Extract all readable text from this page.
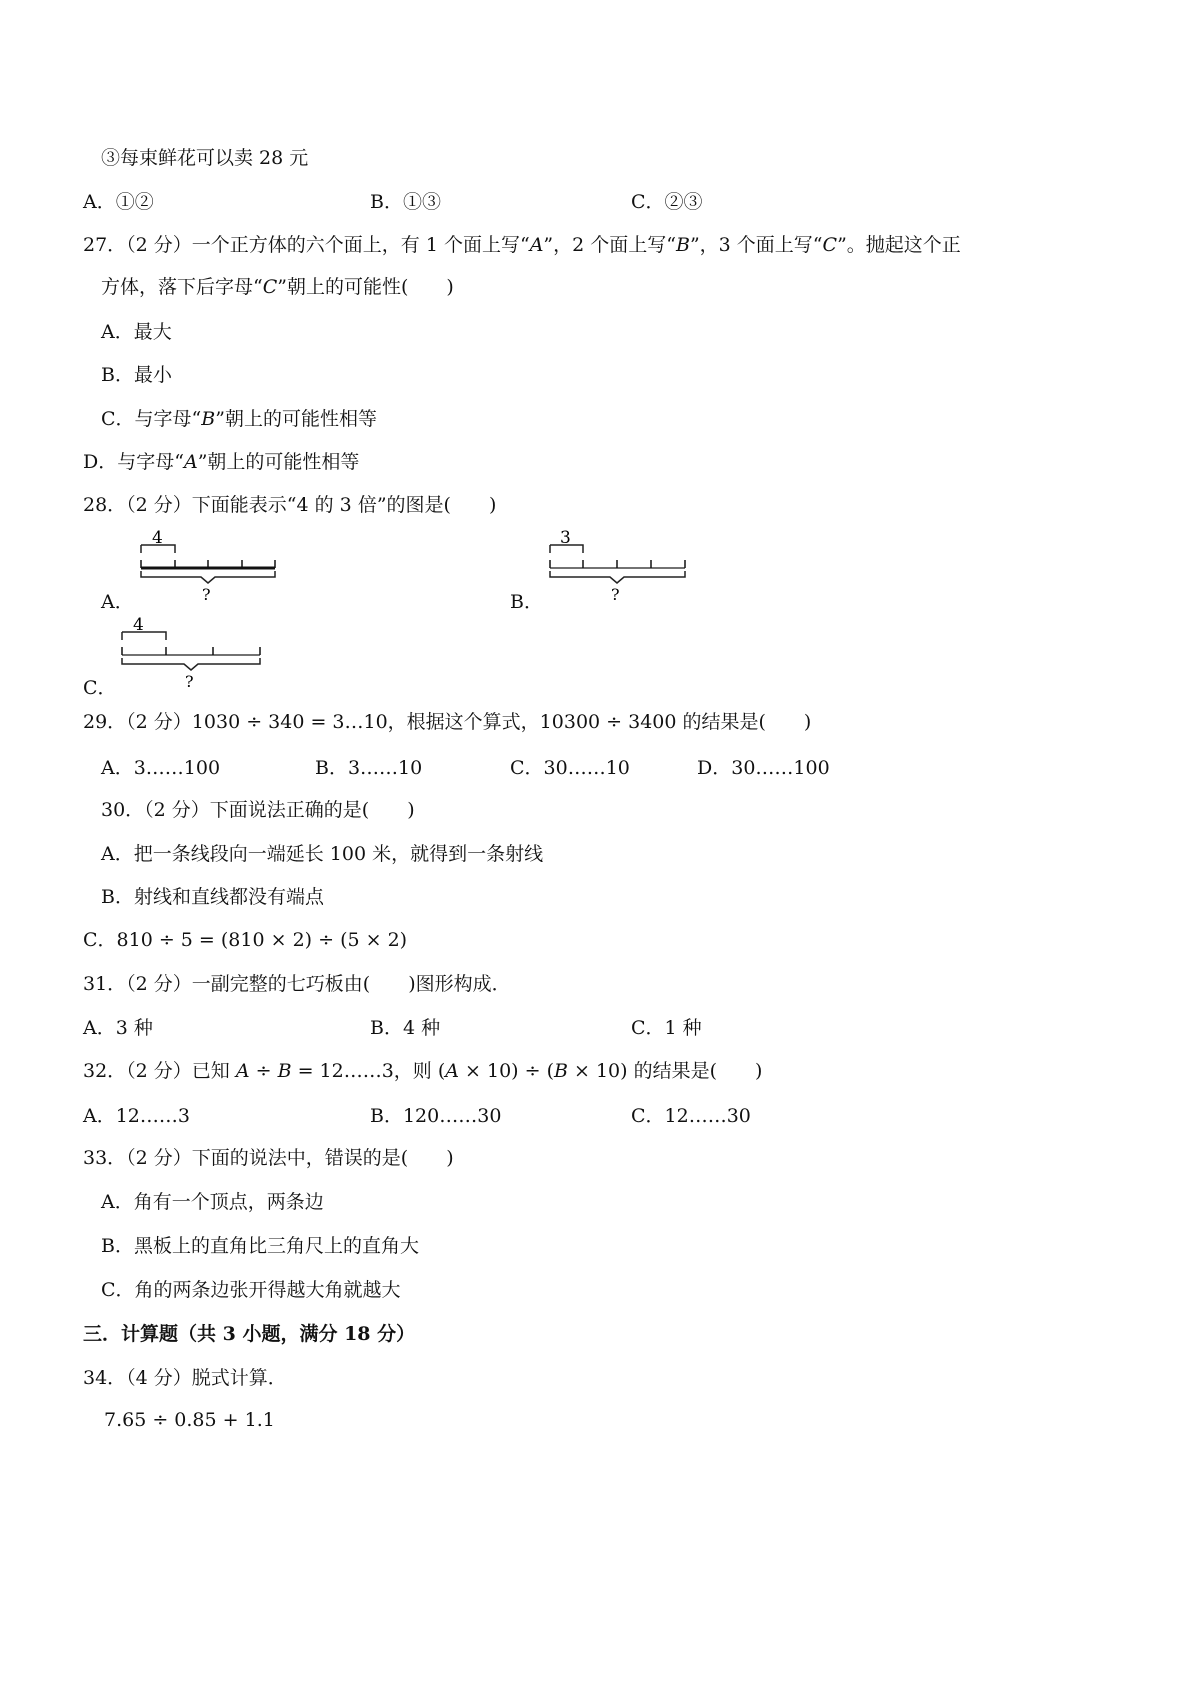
③每束鲜花可以卖 28 元
A．①②	B．①③	C．②③
27．（2 分）一个正方体的六个面上，有 1 个面上写“A”，2 个面上写“B”，3 个面上写“C”。抛起这个正
方体，落下后字母“C”朝上的可能性(　　)
A．最大
B．最小
C．与字母“B”朝上的可能性相等
D．与字母“A”朝上的可能性相等
28．（2 分）下面能表示“4 的 3 倍”的图是(　　)
4
?
A．
3
?
B．
4
?
C．
29．（2 分）1030 ÷ 340 = 3…10，根据这个算式，10300 ÷ 3400 的结果是(　　)
A．3……100	B．3……10	C．30……10	D．30……100
30．（2 分）下面说法正确的是(　　)
A．把一条线段向一端延长 100 米，就得到一条射线
B．射线和直线都没有端点
C．810 ÷ 5 = (810 × 2) ÷ (5 × 2)
31．（2 分）一副完整的七巧板由(　　)图形构成．
A．3 种	B．4 种	C．1 种
32．（2 分）已知 A ÷ B = 12……3，则 (A × 10) ÷ (B × 10) 的结果是(　　)
A．12……3	B．120……30	C．12……30
33．（2 分）下面的说法中，错误的是(　　)
A．角有一个顶点，两条边
B．黑板上的直角比三角尺上的直角大
C．角的两条边张开得越大角就越大
三．计算题（共 3 小题，满分 18 分）
34．（4 分）脱式计算．
7.65 ÷ 0.85 + 1.1
